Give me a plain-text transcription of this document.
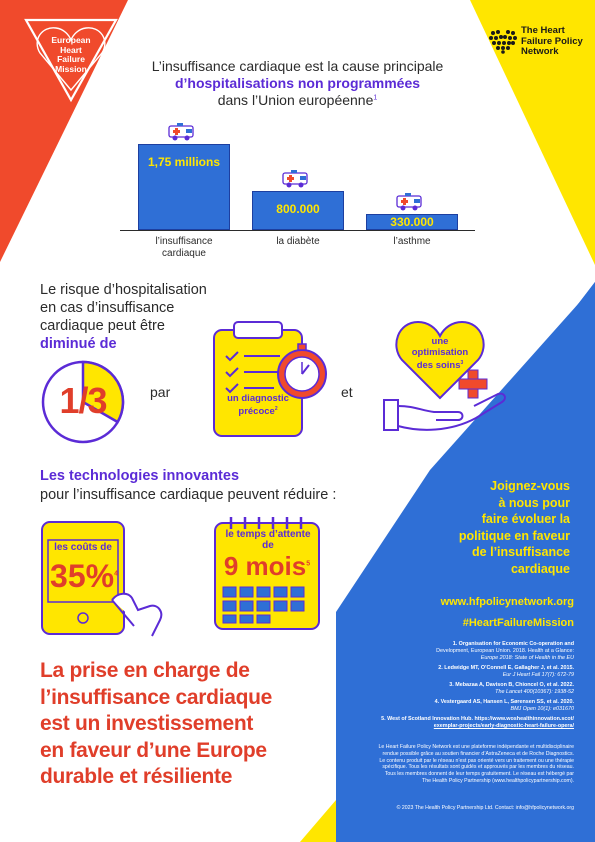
European
Heart
Failure
Mission
The Heart
Failure Policy
Network
L’insuffisance cardiaque est la cause principale
d’hospitalisations non programmées
dans l’Union européenne$^1$
1,75 millions
l’insuffisance
cardiaque
800.000
la diabète
330.000
l’asthme
Le risque d’hospitalisation
en cas d’insuffisance
cardiaque peut être
diminué de
1/3	par	et
un diagnostic
précoce$^2$
une
optimisation
des soins$^3$
Les technologies innovantes
pour l’insuffisance cardiaque peuvent réduire :
les coûts de
35%$^4$
le temps d’attente
de
9 mois$^5$
Joignez-vous
à nous pour
faire évoluer la
politique en faveur
de l’insuffisance
cardiaque
www.hfpolicynetwork.org
#HeartFailureMission
1. Organisation for Economic Co-operation and
Development, European Union. 2018. Health at a Glance:
Europe 2018: State of Health in the EU
2. Ledwidge MT, O’Connell E, Gallagher J, et al. 2015.
Eur J Heart Fail 17(7): 672-79
3. Mebazaa A, Davison B, Chioncel O, et al. 2022.
The Lancet 400(10367): 1938-52
4. Vestergaard AS, Hansen L, Sørensen SS, et al. 2020.
BMJ Open 10(1): e031670
5. West of Scotland Innovation Hub. https://www.woshealthinnovation.scot/
exemplar-projects/early-diagnostic-heart-failure-opera/
Le Heart Failure Policy Network est une plateforme indépendante et multidisciplinaire
rendue possible grâce au soutien financier d’AstraZeneca et de Roche Diagnostics.
Le contenu produit par le réseau n’est pas orienté vers un traitement ou une thérapie
spécifique. Tous les résultats sont guidés et approuvés par les membres du réseau.
Tous les membres donnent de leur temps gratuitement. Le réseau est hébergé par
The Health Policy Partnership (www.healthpolicypartnership.com).
© 2023 The Health Policy Partnership Ltd. Contact: info@hfpolicynetwork.org
La prise en charge de
l’insuffisance cardiaque
est un investissement
en faveur d’une Europe
durable et résiliente
